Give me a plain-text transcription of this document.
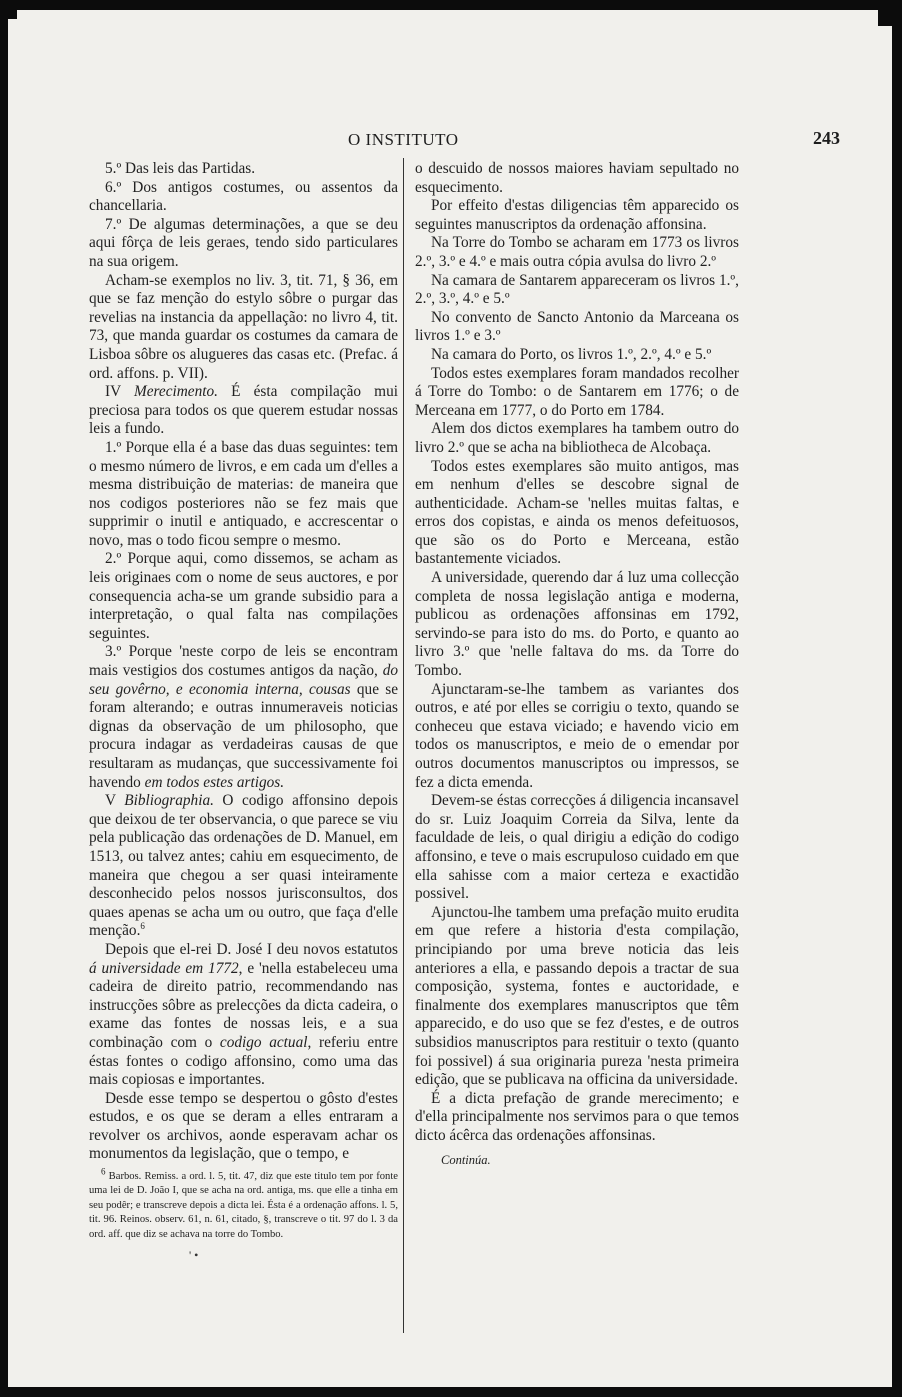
O INSTITUTO	243

5.º Das leis das Partidas.

6.º Dos antigos costumes, ou assentos da chancellaria.

7.º De algumas determinações, a que se deu aqui fôrça de leis geraes, tendo sido particulares na sua origem.

Acham-se exemplos no liv. 3, tit. 71, § 36, em que se faz menção do estylo sôbre o purgar das revelias na instancia da appellação: no livro 4, tit. 73, que manda guardar os costumes da camara de Lisboa sôbre os alugueres das casas etc. (Prefac. á ord. affons. p. VII).

IV Merecimento. É ésta compilação mui preciosa para todos os que querem estudar nossas leis a fundo.

1.º Porque ella é a base das duas seguintes: tem o mesmo número de livros, e em cada um d'elles a mesma distribuição de materias: de maneira que nos codigos posteriores não se fez mais que supprimir o inutil e antiquado, e accrescentar o novo, mas o todo ficou sempre o mesmo.

2.º Porque aqui, como dissemos, se acham as leis originaes com o nome de seus auctores, e por consequencia acha-se um grande subsidio para a interpretação, o qual falta nas compilações seguintes.

3.º Porque 'neste corpo de leis se encontram mais vestigios dos costumes antigos da nação, do seu govêrno, e economia interna, cousas que se foram alterando; e outras innumeraveis noticias dignas da observação de um philosopho, que procura indagar as verdadeiras causas de que resultaram as mudanças, que successivamente foi havendo em todos estes artigos.

V Bibliographia. O codigo affonsino depois que deixou de ter observancia, o que parece se viu pela publicação das ordenações de D. Manuel, em 1513, ou talvez antes; cahiu em esquecimento, de maneira que chegou a ser quasi inteiramente desconhecido pelos nossos jurisconsultos, dos quaes apenas se acha um ou outro, que faça d'elle menção.$^6$

Depois que el-rei D. José I deu novos estatutos á universidade em 1772, e 'nella estabeleceu uma cadeira de direito patrio, recommendando nas instrucções sôbre as prelecções da dicta cadeira, o exame das fontes de nossas leis, e a sua combinação com o codigo actual, referiu entre éstas fontes o codigo affonsino, como uma das mais copiosas e importantes.

Desde esse tempo se despertou o gôsto d'estes estudos, e os que se deram a elles entraram a revolver os archivos, aonde esperavam achar os monumentos da legislação, que o tempo, e

$^6$ Barbos. Remiss. a ord. l. 5, tit. 47, diz que este titulo tem por fonte uma lei de D. João I, que se acha na ord. antiga, ms. que elle a tinha em seu podêr; e transcreve depois a dicta lei. Ésta é a ordenação affons. l. 5, tit. 96. Reinos. observ. 61, n. 61, citado, §, transcreve o tit. 97 do l. 3 da ord. aff. que diz se achava na torre do Tombo.
' •

o descuido de nossos maiores haviam sepultado no esquecimento.

Por effeito d'estas diligencias têm apparecido os seguintes manuscriptos da ordenação affonsina.

Na Torre do Tombo se acharam em 1773 os livros 2.º, 3.º e 4.º e mais outra cópia avulsa do livro 2.º

Na camara de Santarem appareceram os livros 1.º, 2.º, 3.º, 4.º e 5.º

No convento de Sancto Antonio da Marceana os livros 1.º e 3.º

Na camara do Porto, os livros 1.º, 2.º, 4.º e 5.º

Todos estes exemplares foram mandados recolher á Torre do Tombo: o de Santarem em 1776; o de Merceana em 1777, o do Porto em 1784.

Alem dos dictos exemplares ha tambem outro do livro 2.º que se acha na bibliotheca de Alcobaça.

Todos estes exemplares são muito antigos, mas em nenhum d'elles se descobre signal de authenticidade. Acham-se 'nelles muitas faltas, e erros dos copistas, e ainda os menos defeituosos, que são os do Porto e Merceana, estão bastantemente viciados.

A universidade, querendo dar á luz uma collecção completa de nossa legislação antiga e moderna, publicou as ordenações affonsinas em 1792, servindo-se para isto do ms. do Porto, e quanto ao livro 3.º que 'nelle faltava do ms. da Torre do Tombo.

Ajunctaram-se-lhe tambem as variantes dos outros, e até por elles se corrigiu o texto, quando se conheceu que estava viciado; e havendo vicio em todos os manuscriptos, e meio de o emendar por outros documentos manuscriptos ou impressos, se fez a dicta emenda.

Devem-se éstas correcções á diligencia incansavel do sr. Luiz Joaquim Correia da Silva, lente da faculdade de leis, o qual dirigiu a edição do codigo affonsino, e teve o mais escrupuloso cuidado em que ella sahisse com a maior certeza e exactidão possivel.

Ajunctou-lhe tambem uma prefação muito erudita em que refere a historia d'esta compilação, principiando por uma breve noticia das leis anteriores a ella, e passando depois a tractar de sua composição, systema, fontes e auctoridade, e finalmente dos exemplares manuscriptos que têm apparecido, e do uso que se fez d'estes, e de outros subsidios manuscriptos para restituir o texto (quanto foi possivel) á sua originaria pureza 'nesta primeira edição, que se publicava na officina da universidade.

É a dicta prefação de grande merecimento; e d'ella principalmente nos servimos para o que temos dicto ácêrca das ordenações affonsinas.

Continúa.
